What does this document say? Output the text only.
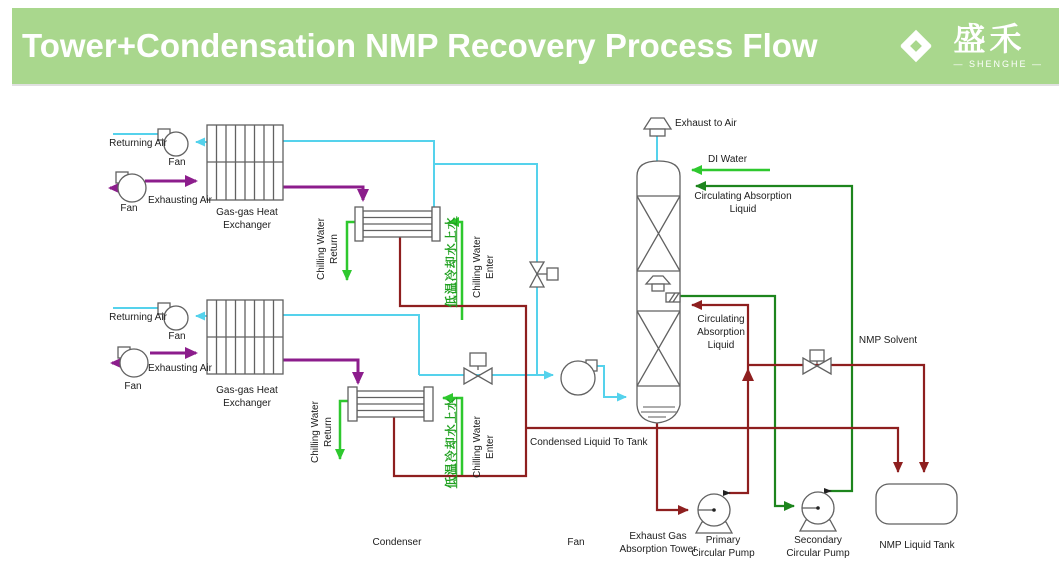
Tower+Condensation NMP Recovery Process Flow	盛禾
— SHENGHE —
Returning Air
Fan
Fan
Exhausting Air
Gas-gas Heat Exchanger
Returning Air
Fan
Fan
Exhausting Air
Gas-gas Heat Exchanger
Chilling Water Return	低温冷却水上水 Chilling Water Enter
Chilling Water Return	低温冷却水上水 Chilling Water Enter
Exhaust to Air
DI Water
Circulating Absorption Liquid
Circulating Absorption Liquid
Condensed Liquid To Tank
NMP Solvent
Condenser	Fan
Exhaust Gas Absorption Tower
Primary Circular Pump
Secondary Circular Pump
NMP Liquid Tank
